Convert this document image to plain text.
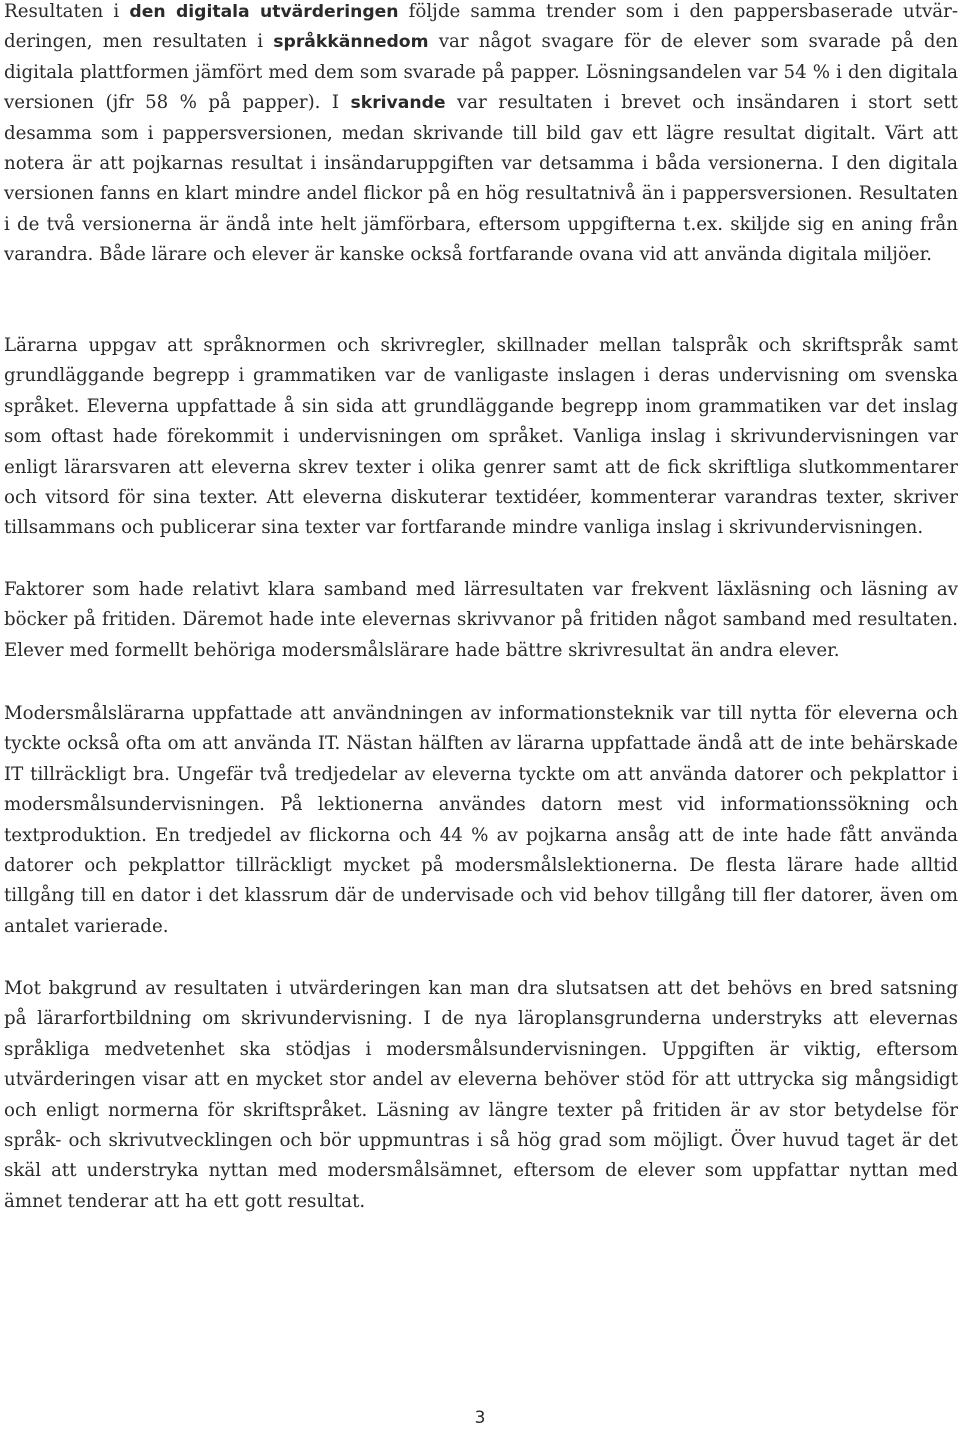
Resultaten i den digitala utvärderingen följde samma trender som i den pappersbaserade utvärderingen, men resultaten i språkkännedom var något svagare för de elever som svarade på den digitala plattformen jämfört med dem som svarade på papper. Lösningsandelen var 54 % i den digitala versionen (jfr 58 % på papper). I skrivande var resultaten i brevet och insändaren i stort sett desamma som i pappersversionen, medan skrivande till bild gav ett lägre resultat digitalt. Värt att notera är att pojkarnas resultat i insändaruppgiften var detsamma i båda versionerna. I den digitala versionen fanns en klart mindre andel flickor på en hög resultatnivå än i pappersversionen. Resultaten i de två versionerna är ändå inte helt jämförbara, eftersom uppgifterna t.ex. skiljde sig en aning från varandra. Både lärare och elever är kanske också fortfarande ovana vid att använda digitala miljöer.

Lärarna uppgav att språknormen och skrivregler, skillnader mellan talspråk och skriftspråk samt grundläggande begrepp i grammatiken var de vanligaste inslagen i deras undervisning om svenska språket. Eleverna uppfattade å sin sida att grundläggande begrepp inom grammatiken var det inslag som oftast hade förekommit i undervisningen om språket. Vanliga inslag i skrivundervisningen var enligt lärarsvaren att eleverna skrev texter i olika genrer samt att de fick skriftliga slutkommentarer och vitsord för sina texter. Att eleverna diskuterar textidéer, kommenterar varandras texter, skriver tillsammans och publicerar sina texter var fortfarande mindre vanliga inslag i skrivundervisningen.

Faktorer som hade relativt klara samband med lärresultaten var frekvent läxläsning och läsning av böcker på fritiden. Däremot hade inte elevernas skrivvanor på fritiden något samband med resultaten. Elever med formellt behöriga modersmålslärare hade bättre skrivresultat än andra elever.

Modersmålslärarna uppfattade att användningen av informationsteknik var till nytta för eleverna och tyckte också ofta om att använda IT. Nästan hälften av lärarna uppfattade ändå att de inte behärskade IT tillräckligt bra. Ungefär två tredjedelar av eleverna tyckte om att använda datorer och pekplattor i modersmålsundervisningen. På lektionerna användes datorn mest vid informationssökning och textproduktion. En tredjedel av flickorna och 44 % av pojkarna ansåg att de inte hade fått använda datorer och pekplattor tillräckligt mycket på modersmålslektionerna. De flesta lärare hade alltid tillgång till en dator i det klassrum där de undervisade och vid behov tillgång till fler datorer, även om antalet varierade.

Mot bakgrund av resultaten i utvärderingen kan man dra slutsatsen att det behövs en bred satsning på lärarfortbildning om skrivundervisning. I de nya läroplansgrunderna understryks att elevernas språkliga medvetenhet ska stödjas i modersmålsundervisningen. Uppgiften är viktig, eftersom utvärderingen visar att en mycket stor andel av eleverna behöver stöd för att uttrycka sig mångsidigt och enligt normerna för skriftspråket. Läsning av längre texter på fritiden är av stor betydelse för språk- och skrivutvecklingen och bör uppmuntras i så hög grad som möjligt. Över huvud taget är det skäl att understryka nyttan med modersmålsämnet, eftersom de elever som uppfattar nyttan med ämnet tenderar att ha ett gott resultat.

3
